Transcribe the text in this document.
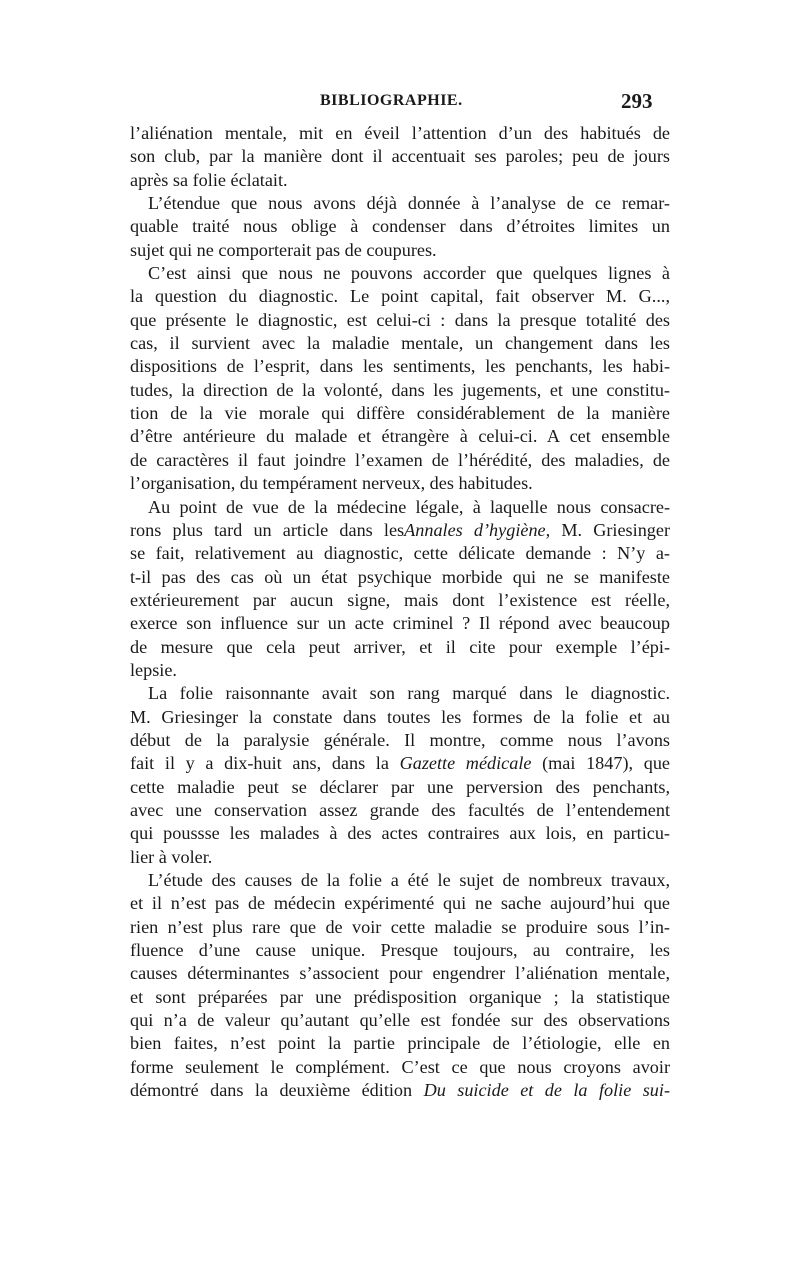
BIBLIOGRAPHIE.	293
l’aliénation mentale, mit en éveil l’attention d’un des habitués de
son club, par la manière dont il accentuait ses paroles; peu de jours
après sa folie éclatait.
L’étendue que nous avons déjà donnée à l’analyse de ce remar-
quable traité nous oblige à condenser dans d’étroites limites un
sujet qui ne comporterait pas de coupures.
C’est ainsi que nous ne pouvons accorder que quelques lignes à
la question du diagnostic. Le point capital, fait observer M. G...,
que présente le diagnostic, est celui-ci : dans la presque totalité des
cas, il survient avec la maladie mentale, un changement dans les
dispositions de l’esprit, dans les sentiments, les penchants, les habi-
tudes, la direction de la volonté, dans les jugements, et une constitu-
tion de la vie morale qui diffère considérablement de la manière
d’être antérieure du malade et étrangère à celui-ci. A cet ensemble
de caractères il faut joindre l’examen de l’hérédité, des maladies, de
l’organisation, du tempérament nerveux, des habitudes.
Au point de vue de la médecine légale, à laquelle nous consacre-
rons plus tard un article dans lesAnnales d’hygiène, M. Griesinger
se fait, relativement au diagnostic, cette délicate demande : N’y a-
t-il pas des cas où un état psychique morbide qui ne se manifeste
extérieurement par aucun signe, mais dont l’existence est réelle,
exerce son influence sur un acte criminel ? Il répond avec beaucoup
de mesure que cela peut arriver, et il cite pour exemple l’épi-
lepsie.
La folie raisonnante avait son rang marqué dans le diagnostic.
M. Griesinger la constate dans toutes les formes de la folie et au
début de la paralysie générale. Il montre, comme nous l’avons
fait il y a dix-huit ans, dans la Gazette médicale (mai 1847), que
cette maladie peut se déclarer par une perversion des penchants,
avec une conservation assez grande des facultés de l’entendement
qui poussse les malades à des actes contraires aux lois, en particu-
lier à voler.
L’étude des causes de la folie a été le sujet de nombreux travaux,
et il n’est pas de médecin expérimenté qui ne sache aujourd’hui que
rien n’est plus rare que de voir cette maladie se produire sous l’in-
fluence d’une cause unique. Presque toujours, au contraire, les
causes déterminantes s’associent pour engendrer l’aliénation mentale,
et sont préparées par une prédisposition organique ; la statistique
qui n’a de valeur qu’autant qu’elle est fondée sur des observations
bien faites, n’est point la partie principale de l’étiologie, elle en
forme seulement le complément. C’est ce que nous croyons avoir
démontré dans la deuxième édition Du suicide et de la folie sui-
